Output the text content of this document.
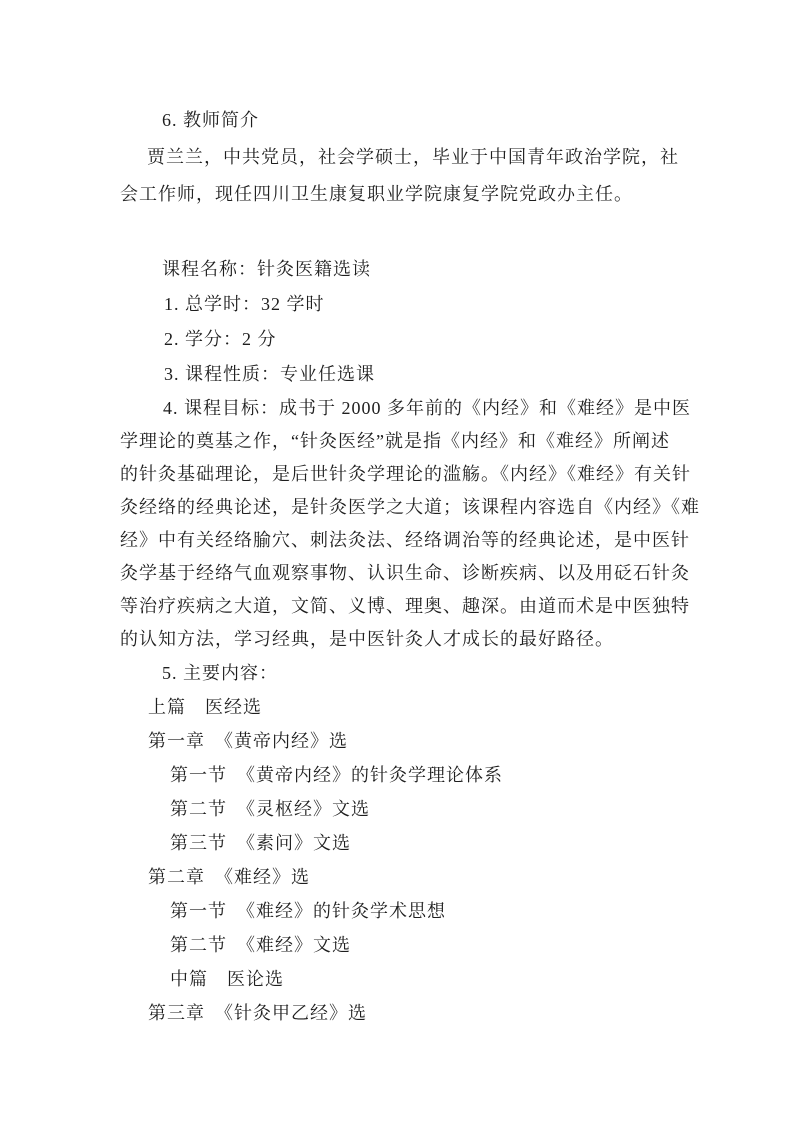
6. 教师简介
贾兰兰，中共党员，社会学硕士，毕业于中国青年政治学院，社
会工作师，现任四川卫生康复职业学院康复学院党政办主任。
课程名称：针灸医籍选读
1. 总学时：32 学时
2. 学分：2 分
3. 课程性质：专业任选课
4. 课程目标：成书于 2000 多年前的《内经》和《难经》是中医
学理论的奠基之作，“针灸医经”就是指《内经》和《难经》所阐述
的针灸基础理论，是后世针灸学理论的滥觞。《内经》《难经》有关针
灸经络的经典论述，是针灸医学之大道；该课程内容选自《内经》《难
经》中有关经络腧穴、刺法灸法、经络调治等的经典论述，是中医针
灸学基于经络气血观察事物、认识生命、诊断疾病、以及用砭石针灸
等治疗疾病之大道，文简、义博、理奥、趣深。由道而术是中医独特
的认知方法，学习经典，是中医针灸人才成长的最好路径。
5. 主要内容：
上篇　医经选
第一章　《黄帝内经》选
第一节　《黄帝内经》的针灸学理论体系
第二节　《灵枢经》文选
第三节　《素问》文选
第二章　《难经》选
第一节　《难经》的针灸学术思想
第二节　《难经》文选
中篇　医论选
第三章　《针灸甲乙经》选
